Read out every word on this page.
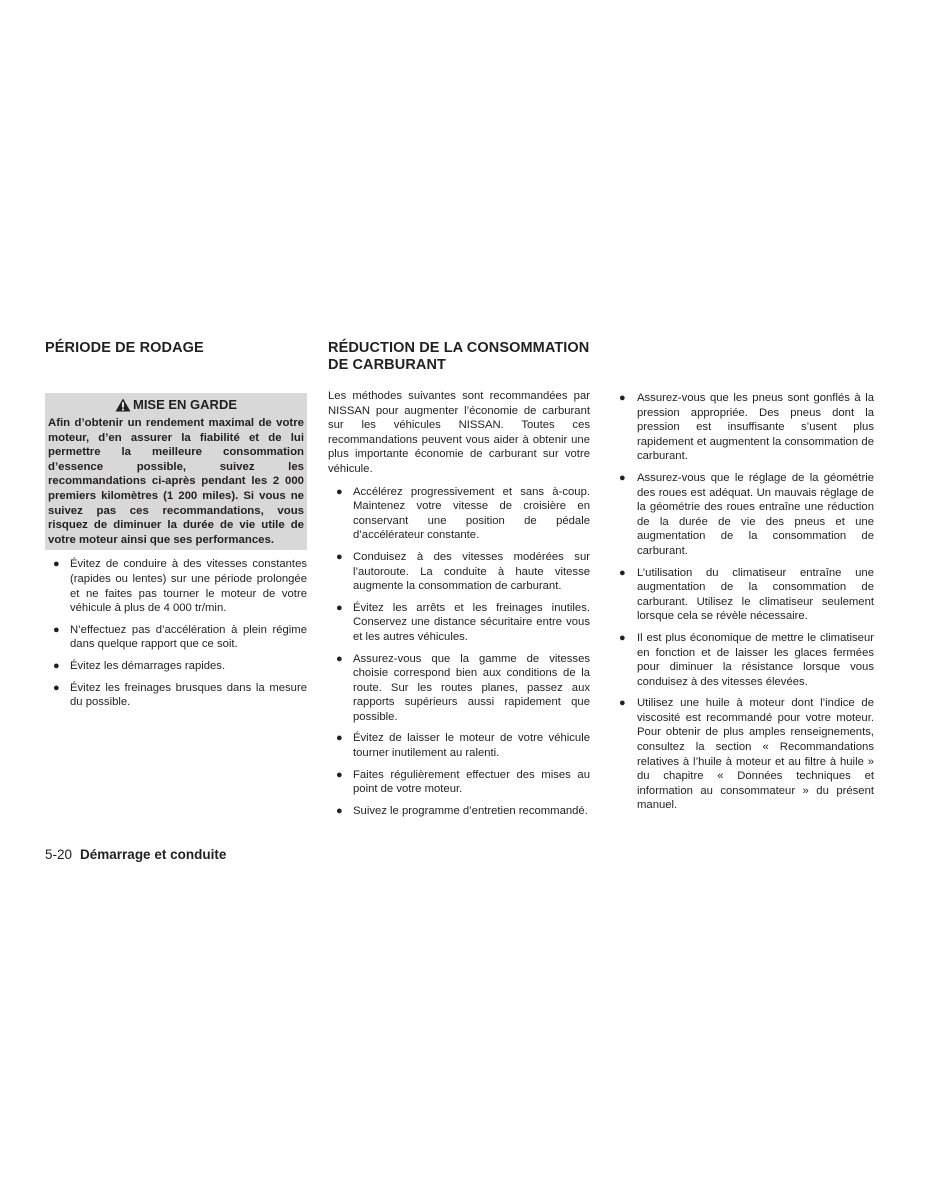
PÉRIODE DE RODAGE
MISE EN GARDE

Afin d’obtenir un rendement maximal de votre moteur, d’en assurer la fiabilité et de lui permettre la meilleure consommation d’essence possible, suivez les recommandations ci-après pendant les 2 000 premiers kilomètres (1 200 miles). Si vous ne suivez pas ces recommandations, vous risquez de diminuer la durée de vie utile de votre moteur ainsi que ses performances.

● Évitez de conduire à des vitesses constantes (rapides ou lentes) sur une période prolongée et ne faites pas tourner le moteur de votre véhicule à plus de 4 000 tr/min.
● N’effectuez pas d’accélération à plein régime dans quelque rapport que ce soit.
● Évitez les démarrages rapides.
● Évitez les freinages brusques dans la mesure du possible.
RÉDUCTION DE LA CONSOMMATION
DE CARBURANT

Les méthodes suivantes sont recommandées par NISSAN pour augmenter l’économie de carburant sur les véhicules NISSAN. Toutes ces recommandations peuvent vous aider à obtenir une plus importante économie de carburant sur votre véhicule.

● Accélérez progressivement et sans à-coup. Maintenez votre vitesse de croisière en conservant une position de pédale d’accélérateur constante.
● Conduisez à des vitesses modérées sur l’autoroute. La conduite à haute vitesse augmente la consommation de carburant.
● Évitez les arrêts et les freinages inutiles. Conservez une distance sécuritaire entre vous et les autres véhicules.
● Assurez-vous que la gamme de vitesses choisie correspond bien aux conditions de la route. Sur les routes planes, passez aux rapports supérieurs aussi rapidement que possible.
● Évitez de laisser le moteur de votre véhicule tourner inutilement au ralenti.
● Faites régulièrement effectuer des mises au point de votre moteur.
● Suivez le programme d’entretien recommandé.
● Assurez-vous que les pneus sont gonflés à la pression appropriée. Des pneus dont la pression est insuffisante s’usent plus rapidement et augmentent la consommation de carburant.
● Assurez-vous que le réglage de la géométrie des roues est adéquat. Un mauvais réglage de la géométrie des roues entraîne une réduction de la durée de vie des pneus et une augmentation de la consommation de carburant.
● L’utilisation du climatiseur entraîne une augmentation de la consommation de carburant. Utilisez le climatiseur seulement lorsque cela se révèle nécessaire.
● Il est plus économique de mettre le climatiseur en fonction et de laisser les glaces fermées pour diminuer la résistance lorsque vous conduisez à des vitesses élevées.
● Utilisez une huile à moteur dont l’indice de viscosité est recommandé pour votre moteur. Pour obtenir de plus amples renseignements, consultez la section « Recommandations relatives à l’huile à moteur et au filtre à huile » du chapitre « Données techniques et information au consommateur » du présent manuel.
5-20 Démarrage et conduite
